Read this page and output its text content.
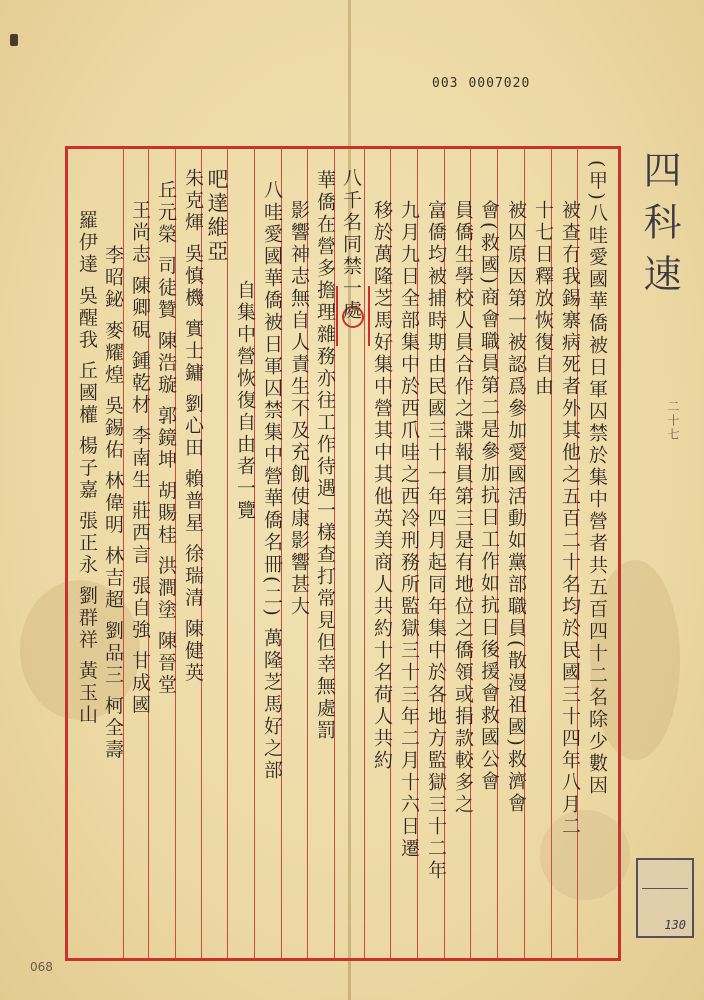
003 0007020
四科速
二十七
(甲)八哇愛國華僑被日軍囚禁於集中營者共五百四十二名除少數因
被查冇我錫寨病死者外其他之五百二十名均於民國三十四年八月二
十七日釋放恢復自由
被囚原因第一被認爲參加愛國活動如黨部職員(散漫祖國)救濟會
會(救國)商會職員第二是參加抗日工作如抗日後援會救國公會
員僑生學校人員合作之諜報員第三是有地位之僑領或捐款較多之
富僑均被捕時期由民國三十一年四月起同年集中於各地方監獄三十二年
九月九日全部集中於西爪哇之西冷刑務所監獄三十三年二月十六日遷
移於萬隆芝馬好集中營其中其他英美商人共約十名荷人共約
八千名同禁一處
華僑在營多擔理雜務亦往工作待遇一樣查打常見但幸無處罰
影響神志無自人責生不及充飢使康影響甚大
八哇愛國華僑被日軍囚禁集中營華僑名冊(二) 萬隆芝馬好之部
自集中營恢復自由者一覽
吧達維亞
朱克煇 吳慎機 實士鏞 劉心田 賴普星 徐瑞清 陳健英
丘元榮 司徒贊 陳浩璇 郭鏡坤 胡賜桂 洪澗塗 陳晉堂
王尚志 陳卿硯 鍾乾材 李南生 莊西言 張自強 甘成國
李昭鉍 麥耀煌 吳錫佑 林偉明 林吉超 劉品三 柯全壽
羅伊達 吳醒我 丘國權 楊子嘉 張正永 劉群祥 黃玉山
130
068
